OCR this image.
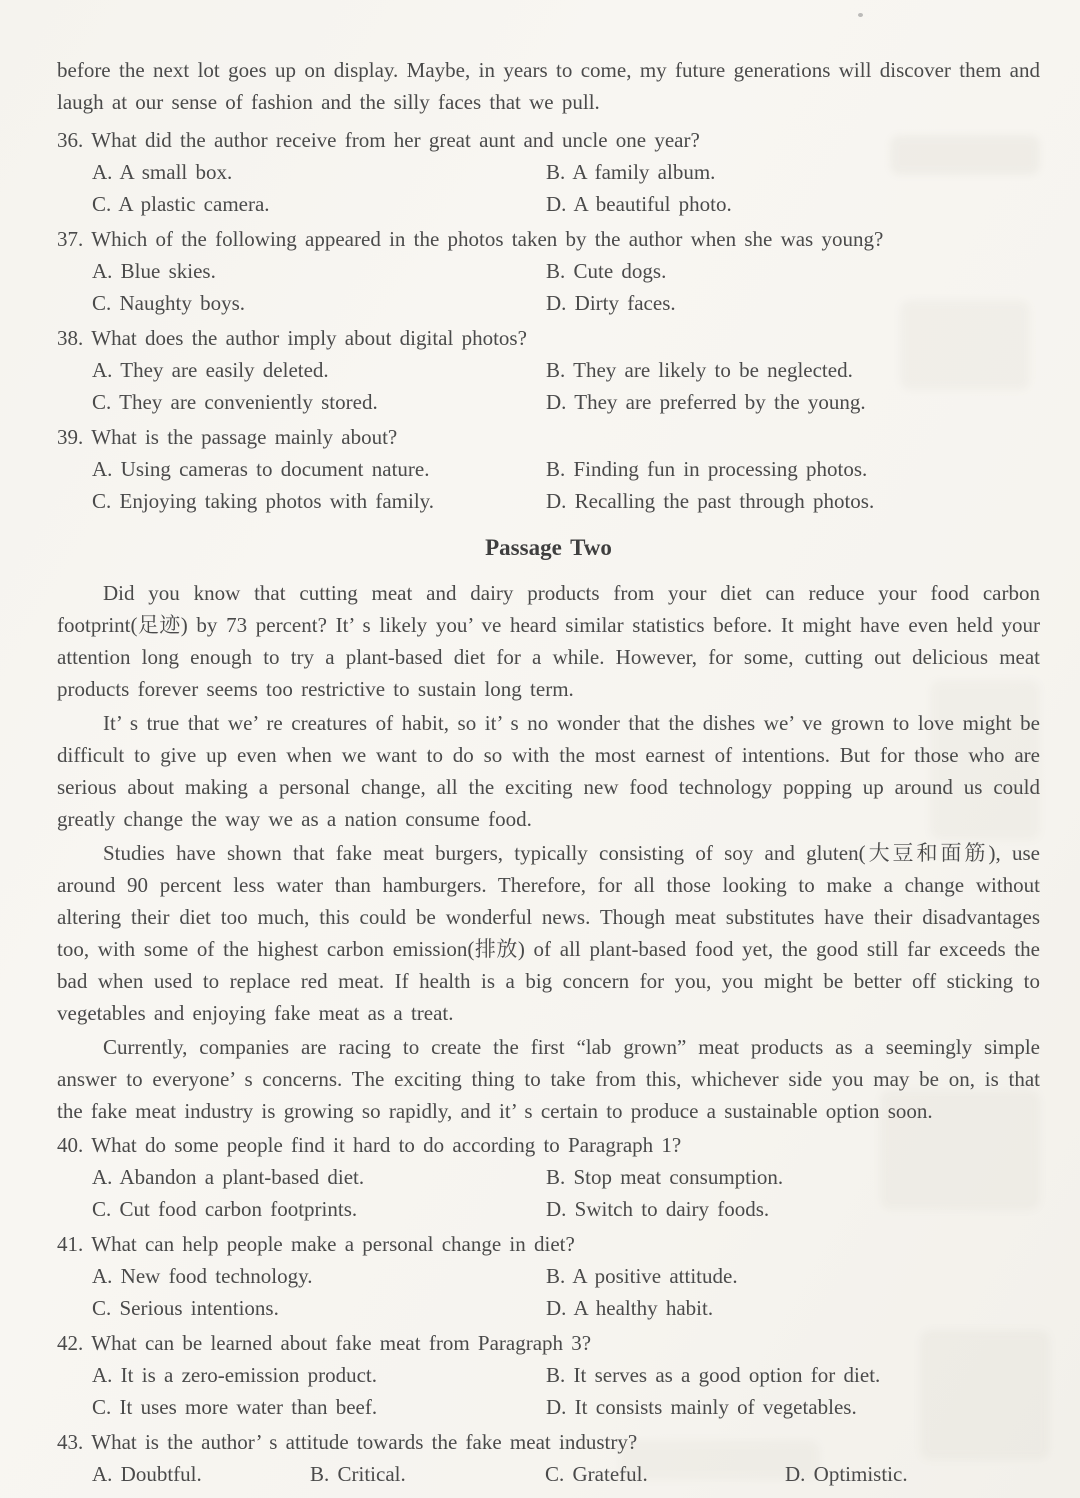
before the next lot goes up on display. Maybe, in years to come, my future generations will discover them and laugh at our sense of fashion and the silly faces that we pull.
36. What did the author receive from her great aunt and uncle one year?
A. A small box.	B. A family album.
C. A plastic camera.	D. A beautiful photo.
37. Which of the following appeared in the photos taken by the author when she was young?
A. Blue skies.	B. Cute dogs.
C. Naughty boys.	D. Dirty faces.
38. What does the author imply about digital photos?
A. They are easily deleted.	B. They are likely to be neglected.
C. They are conveniently stored.	D. They are preferred by the young.
39. What is the passage mainly about?
A. Using cameras to document nature.	B. Finding fun in processing photos.
C. Enjoying taking photos with family.	D. Recalling the past through photos.
Passage Two
Did you know that cutting meat and dairy products from your diet can reduce your food carbon footprint(足迹) by 73 percent? It’ s likely you’ ve heard similar statistics before. It might have even held your attention long enough to try a plant-based diet for a while. However, for some, cutting out delicious meat products forever seems too restrictive to sustain long term.
It’ s true that we’ re creatures of habit, so it’ s no wonder that the dishes we’ ve grown to love might be difficult to give up even when we want to do so with the most earnest of intentions. But for those who are serious about making a personal change, all the exciting new food technology popping up around us could greatly change the way we as a nation consume food.
Studies have shown that fake meat burgers, typically consisting of soy and gluten(大豆和面筋), use around 90 percent less water than hamburgers. Therefore, for all those looking to make a change without altering their diet too much, this could be wonderful news. Though meat substitutes have their disadvantages too, with some of the highest carbon emission(排放) of all plant-based food yet, the good still far exceeds the bad when used to replace red meat. If health is a big concern for you, you might be better off sticking to vegetables and enjoying fake meat as a treat.
Currently, companies are racing to create the first “lab grown” meat products as a seemingly simple answer to everyone’ s concerns. The exciting thing to take from this, whichever side you may be on, is that the fake meat industry is growing so rapidly, and it’ s certain to produce a sustainable option soon.
40. What do some people find it hard to do according to Paragraph 1?
A. Abandon a plant-based diet.	B. Stop meat consumption.
C. Cut food carbon footprints.	D. Switch to dairy foods.
41. What can help people make a personal change in diet?
A. New food technology.	B. A positive attitude.
C. Serious intentions.	D. A healthy habit.
42. What can be learned about fake meat from Paragraph 3?
A. It is a zero-emission product.	B. It serves as a good option for diet.
C. It uses more water than beef.	D. It consists mainly of vegetables.
43. What is the author’ s attitude towards the fake meat industry?
A. Doubtful.	B. Critical.	C. Grateful.	D. Optimistic.
